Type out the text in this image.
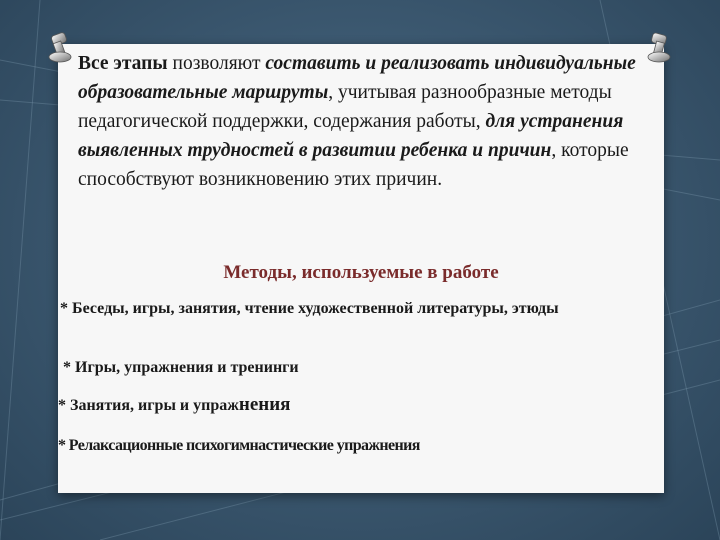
Все этапы позволяют составить и реализовать индивидуальные образовательные маршруты, учитывая разнообразные методы педагогической поддержки, содержания работы, для устранения выявленных трудностей в развитии ребенка и причин, которые способствуют возникновению этих причин.
Методы, используемые в работе
* Беседы, игры, занятия, чтение художественной литературы, этюды
* Игры, упражнения и тренинги
* Занятия, игры и упражнения
* Релаксационные психогимнастические упражнения
